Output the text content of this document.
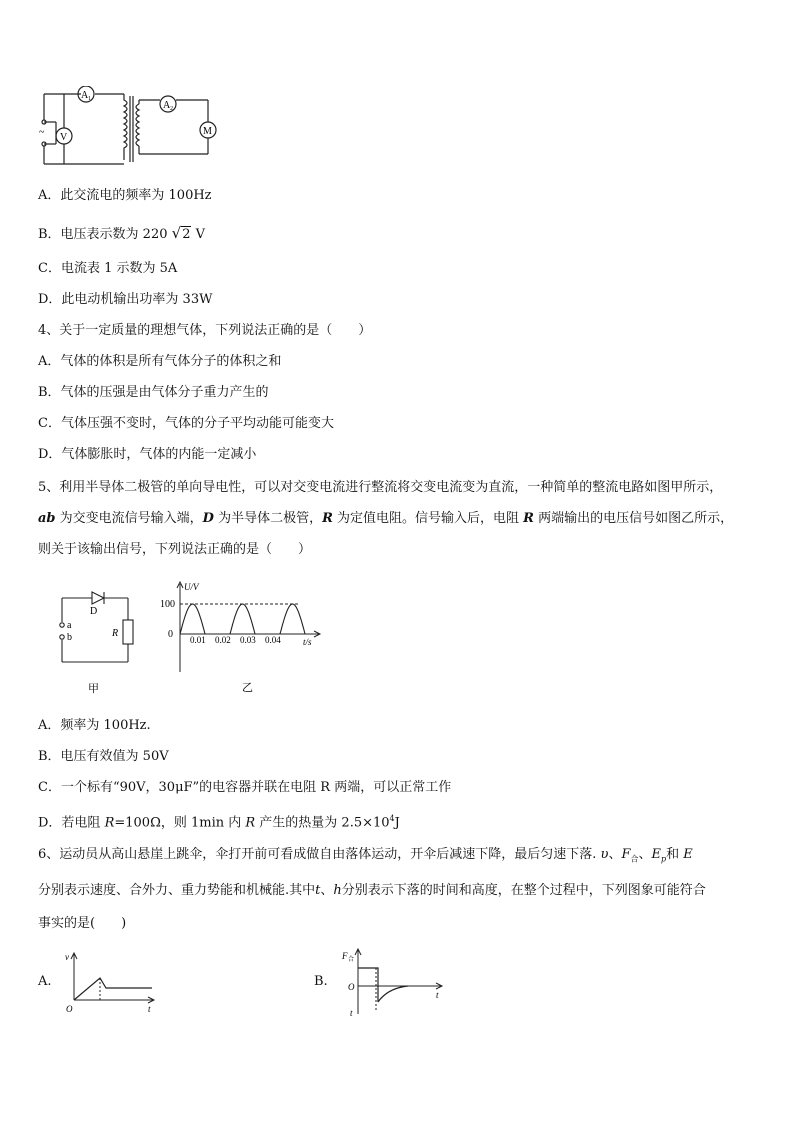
A 1
V
~
A 2
M
A．此交流电的频率为 100Hz
B．电压表示数为 220 √2 V
C．电流表 1 示数为 5A
D．此电动机输出功率为 33W
4、关于一定质量的理想气体，下列说法正确的是（　　）
A．气体的体积是所有气体分子的体积之和
B．气体的压强是由气体分子重力产生的
C．气体压强不变时，气体的分子平均动能可能变大
D．气体膨胀时，气体的内能一定减小
5、利用半导体二极管的单向导电性，可以对交变电流进行整流将交变电流变为直流，一种简单的整流电路如图甲所示，
ab 为交变电流信号输入端，D 为半导体二极管，R 为定值电阻。信号输入后，电阻 R 两端输出的电压信号如图乙所示，
则关于该输出信号，下列说法正确的是（　　）
D
a
b	R
甲
U/V
100
0 0.01 0.02 0.03 0.04 t/s
乙
A．频率为 100Hz.
B．电压有效值为 50V
C．一个标有“90V，30μF”的电容器并联在电阻 R 两端，可以正常工作
D．若电阻 R=100Ω，则 1min 内 R 产生的热量为 $2.5\times 10^4J$
6、运动员从高山悬崖上跳伞，伞打开前可看成做自由落体运动，开伞后减速下降，最后匀速下落. υ、$F_合$、$E_p$和 E
分别表示速度、合外力、重力势能和机械能.其中t、h分别表示下落的时间和高度，在整个过程中，下列图象可能符合
事实的是(　　)
A.
v
O	t
B.
F 合
O
t
t
